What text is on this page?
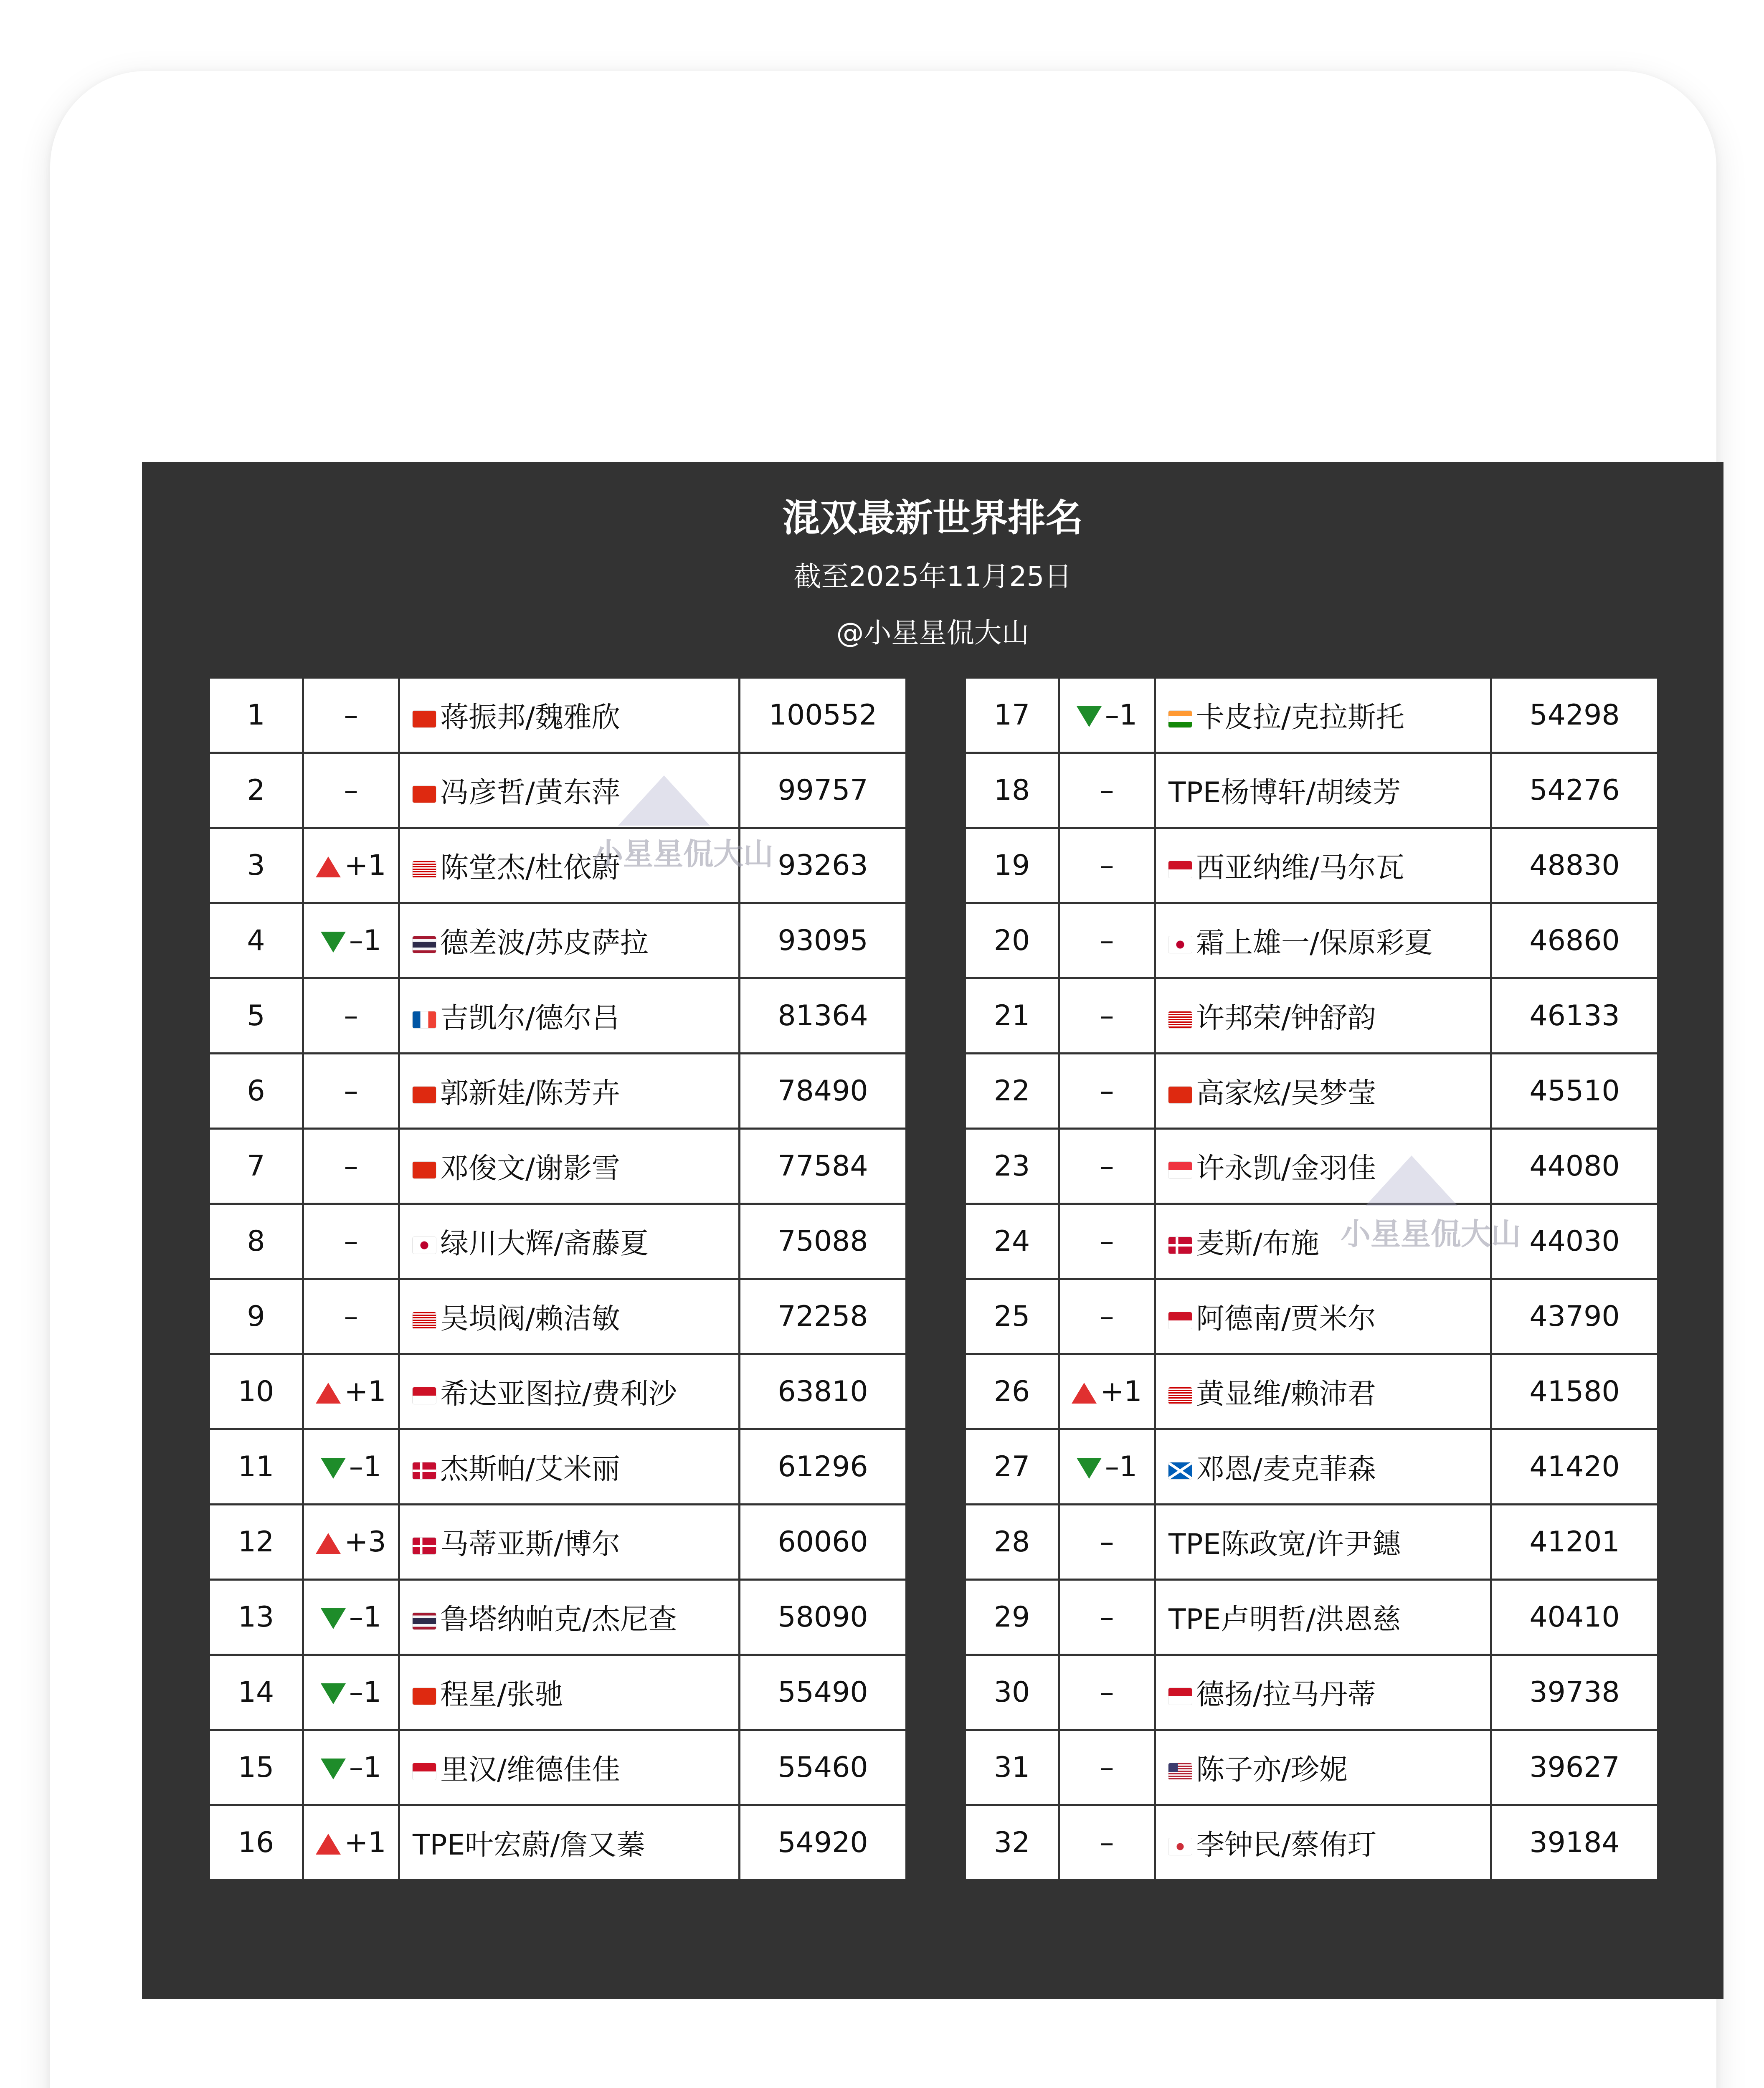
混双最新世界排名
截至2025年11月25日
@小星星侃大山
1	–	蒋振邦/魏雅欣	100552
2	–	冯彦哲/黄东萍	99757
3	+1	陈堂杰/杜依蔚	93263
4	–1	德差波/苏皮萨拉	93095
5	–	吉凯尔/德尔吕	81364
6	–	郭新娃/陈芳卉	78490
7	–	邓俊文/谢影雪	77584
8	–	绿川大辉/斋藤夏	75088
9	–	吴埙阀/赖洁敏	72258
10	+1	希达亚图拉/费利沙	63810
11	–1	杰斯帕/艾米丽	61296
12	+3	马蒂亚斯/博尔	60060
13	–1	鲁塔纳帕克/杰尼查	58090
14	–1	程星/张驰	55490
15	–1	里汉/维德佳佳	55460
16	+1	TPE叶宏蔚/詹又蓁	54920
17	–1	卡皮拉/克拉斯托	54298
18	–	TPE杨博轩/胡绫芳	54276
19	–	西亚纳维/马尔瓦	48830
20	–	霜上雄一/保原彩夏	46860
21	–	许邦荣/钟舒韵	46133
22	–	高家炫/吴梦莹	45510
23	–	许永凯/金羽佳	44080
24	–	麦斯/布施	44030
25	–	阿德南/贾米尔	43790
26	+1	黄显维/赖沛君	41580
27	–1	邓恩/麦克菲森	41420
28	–	TPE陈政宽/许尹鏸	41201
29	–	TPE卢明哲/洪恩慈	40410
30	–	德扬/拉马丹蒂	39738
31	–	陈子亦/珍妮	39627
32	–	李钟民/蔡侑玎	39184
小星星侃大山
小星星侃大山
